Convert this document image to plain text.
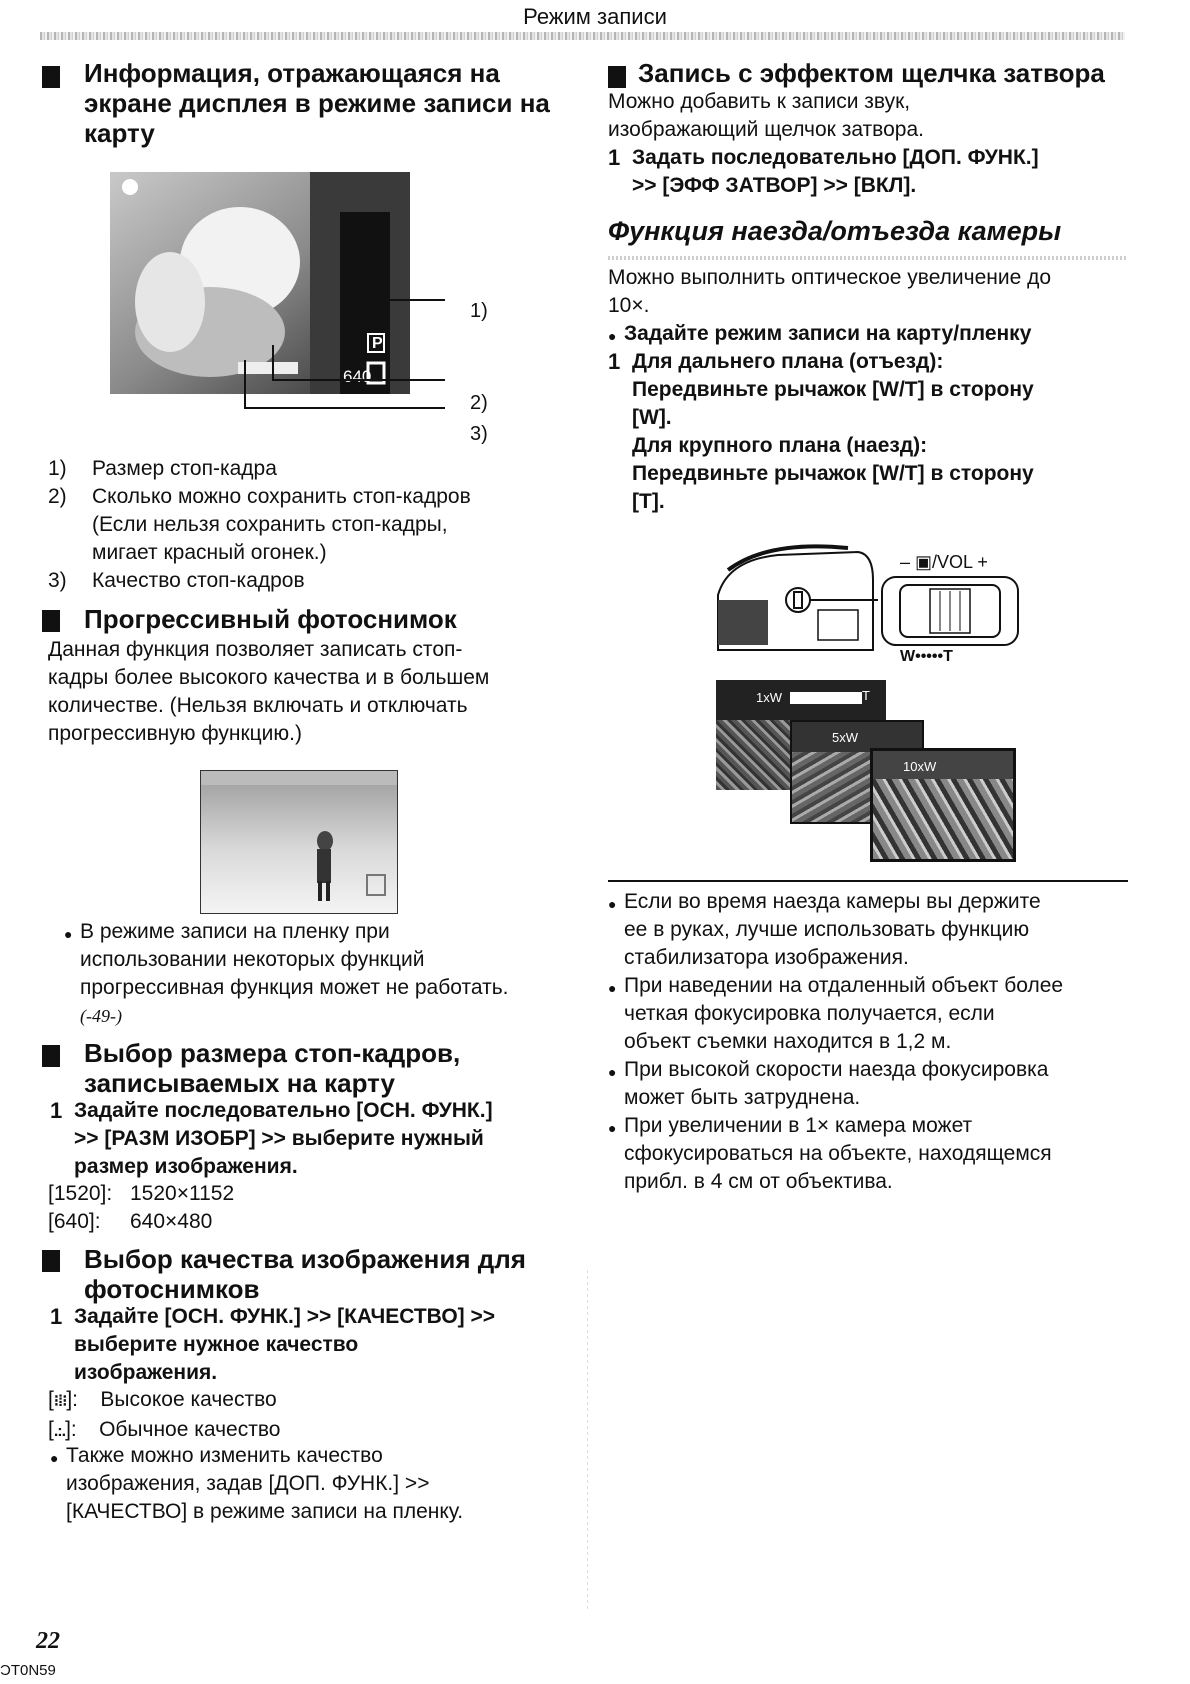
Режим записи
Информация, отражающаяся на
экране дисплея в режиме записи на
карту
P
640
1)
2)
3)
1) Размер стоп-кадра
2) Сколько можно сохранить стоп-кадров
(Если нельзя сохранить стоп-кадры,
мигает красный огонек.)
3) Качество стоп-кадров
Прогрессивный фотоснимок
Данная функция позволяет записать стоп-
кадры более высокого качества и в большем
количестве. (Нельзя включать и отключать
прогрессивную функцию.)
● В режиме записи на пленку при
использовании некоторых функций
прогрессивная функция может не работать.
(-49-)
Выбор размера стоп-кадров,
записываемых на карту
1 Задайте последовательно [ОСН. ФУНК.]
>> [РАЗМ ИЗОБР] >> выберите нужный
размер изображения.
[1520]: 1520×1152
[640]: 640×480
Выбор качества изображения для
фотоснимков
1 Задайте [ОСН. ФУНК.] >> [КАЧЕСТВО] >>
выберите нужное качество
изображения.
[⁝⁞⁝]: Высокое качество
[.:.]: Обычное качество
● Также можно изменить качество
изображения, задав [ДОП. ФУНК.] >>
[КАЧЕСТВО] в режиме записи на пленку.
Запись с эффектом щелчка затвора
Можно добавить к записи звук,
изображающий щелчок затвора.
1 Задать последовательно [ДОП. ФУНК.]
>> [ЭФФ ЗАТВОР] >> [ВКЛ].
Функция наезда/отъезда камеры
Можно выполнить оптическое увеличение до
10×.
● Задайте режим записи на карту/пленку
1 Для дальнего плана (отъезд):
Передвиньте рычажок [W/T] в сторону
[W].
Для крупного плана (наезд):
Передвиньте рычажок [W/T] в сторону
[T].
– ▣/VOL +
W•••••T
1xW	T
5xW
10xW
● Если во время наезда камеры вы держите
ее в руках, лучше использовать функцию
стабилизатора изображения.
● При наведении на отдаленный объект более
четкая фокусировка получается, если
объект съемки находится в 1,2 м.
● При высокой скорости наезда фокусировка
может быть затруднена.
● При увеличении в 1× камера может
сфокусироваться на объекте, находящемся
прибл. в 4 см от объектива.
22
ƆT0N59
